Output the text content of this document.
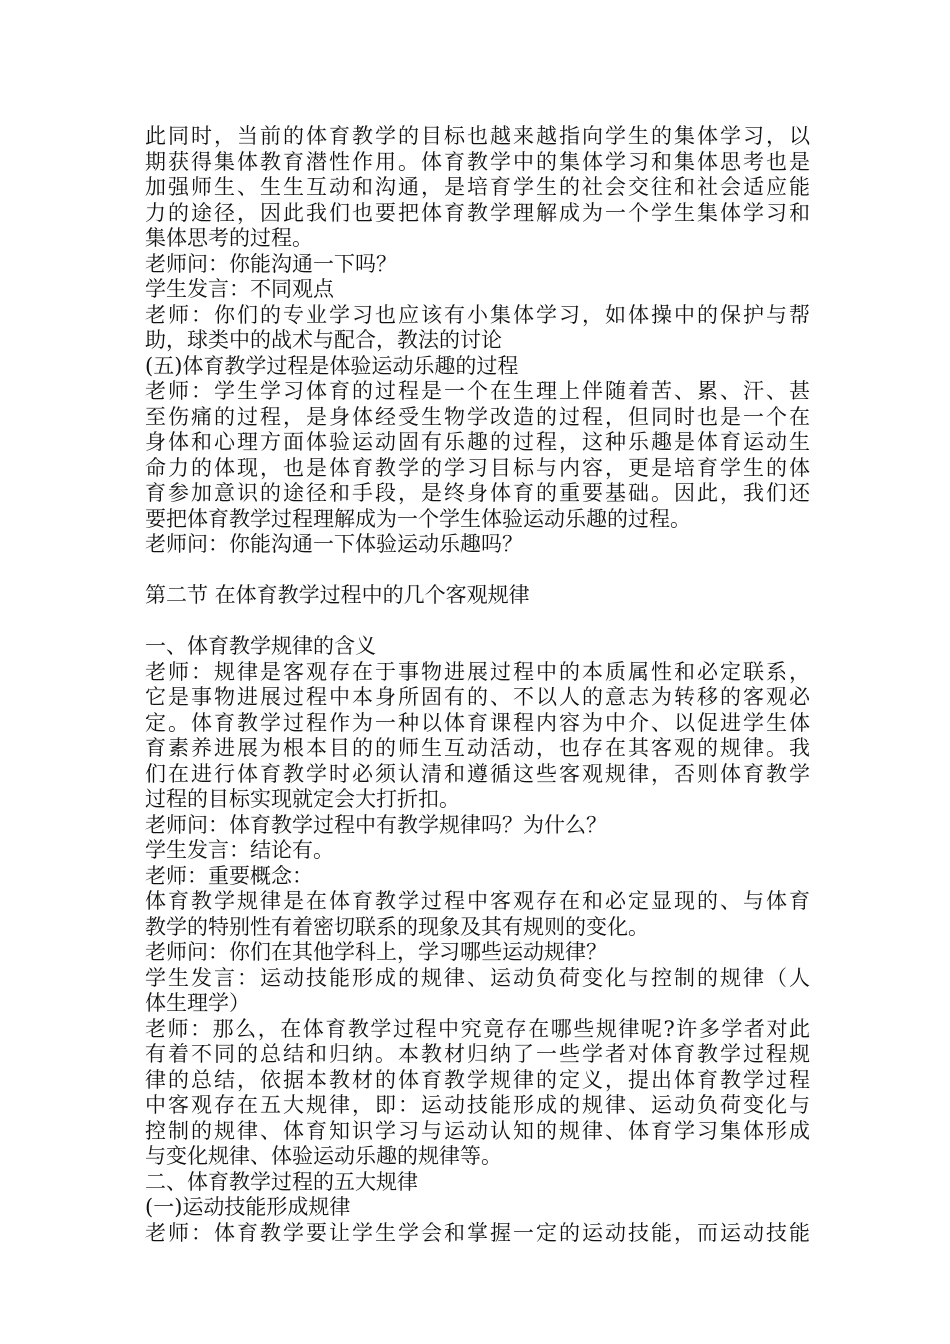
此同时，当前的体育教学的目标也越来越指向学生的集体学习，以
期获得集体教育潜性作用。体育教学中的集体学习和集体思考也是
加强师生、生生互动和沟通，是培育学生的社会交往和社会适应能
力的途径，因此我们也要把体育教学理解成为一个学生集体学习和
集体思考的过程。
老师问：你能沟通一下吗？
学生发言：不同观点
老师：你们的专业学习也应该有小集体学习，如体操中的保护与帮
助，球类中的战术与配合，教法的讨论
(五)体育教学过程是体验运动乐趣的过程
老师：学生学习体育的过程是一个在生理上伴随着苦、累、汗、甚
至伤痛的过程，是身体经受生物学改造的过程，但同时也是一个在
身体和心理方面体验运动固有乐趣的过程，这种乐趣是体育运动生
命力的体现，也是体育教学的学习目标与内容，更是培育学生的体
育参加意识的途径和手段，是终身体育的重要基础。因此，我们还
要把体育教学过程理解成为一个学生体验运动乐趣的过程。
老师问：你能沟通一下体验运动乐趣吗？
第二节 在体育教学过程中的几个客观规律
一、体育教学规律的含义
老师：规律是客观存在于事物进展过程中的本质属性和必定联系，
它是事物进展过程中本身所固有的、不以人的意志为转移的客观必
定。体育教学过程作为一种以体育课程内容为中介、以促进学生体
育素养进展为根本目的的师生互动活动，也存在其客观的规律。我
们在进行体育教学时必须认清和遵循这些客观规律，否则体育教学
过程的目标实现就定会大打折扣。
老师问：体育教学过程中有教学规律吗？为什么？
学生发言：结论有。
老师：重要概念：
体育教学规律是在体育教学过程中客观存在和必定显现的、与体育
教学的特别性有着密切联系的现象及其有规则的变化。
老师问：你们在其他学科上，学习哪些运动规律？
学生发言：运动技能形成的规律、运动负荷变化与控制的规律（人
体生理学）
老师：那么，在体育教学过程中究竟存在哪些规律呢?许多学者对此
有着不同的总结和归纳。本教材归纳了一些学者对体育教学过程规
律的总结，依据本教材的体育教学规律的定义，提出体育教学过程
中客观存在五大规律，即：运动技能形成的规律、运动负荷变化与
控制的规律、体育知识学习与运动认知的规律、体育学习集体形成
与变化规律、体验运动乐趣的规律等。
二、体育教学过程的五大规律
(一)运动技能形成规律
老师：体育教学要让学生学会和掌握一定的运动技能，而运动技能
